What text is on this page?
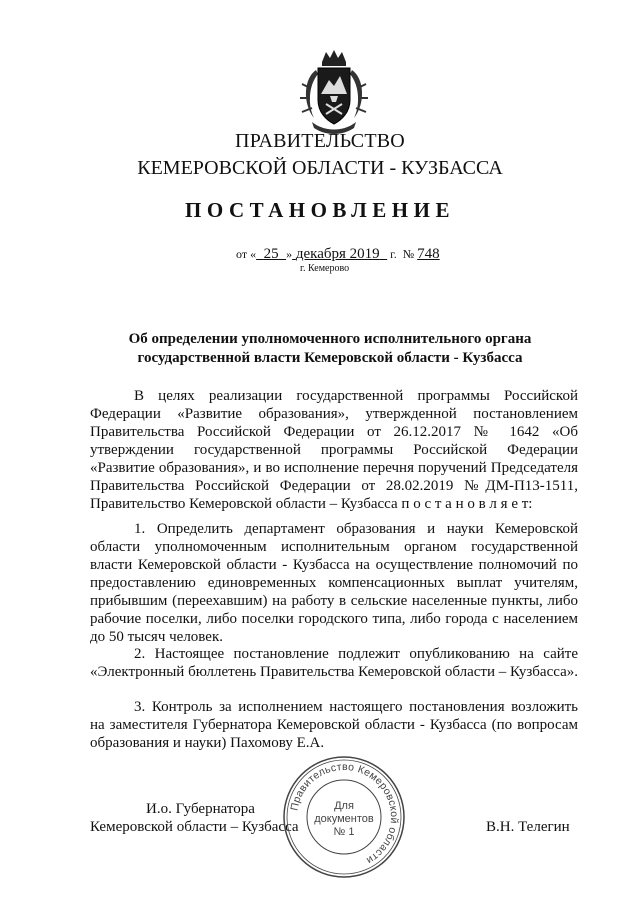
ПРАВИТЕЛЬСТВО
КЕМЕРОВСКОЙ ОБЛАСТИ - КУЗБАССА
ПОСТАНОВЛЕНИЕ
от « 25 » декабря 2019 г. № 748
г. Кемерово
Об определении уполномоченного исполнительного органа
государственной власти Кемеровской области - Кузбасса
В целях реализации государственной программы Российской Федерации «Развитие образования», утвержденной постановлением Правительства Российской Федерации от 26.12.2017 № 1642 «Об утверждении государственной программы Российской Федерации «Развитие образования», и во исполнение перечня поручений Председателя Правительства Российской Федерации от 28.02.2019 №ДМ-П13-1511, Правительство Кемеровской области – Кузбасса п о с т а н о в л я е т:
1. Определить департамент образования и науки Кемеровской области уполномоченным исполнительным органом государственной власти Кемеровской области - Кузбасса на осуществление полномочий по предоставлению единовременных компенсационных выплат учителям, прибывшим (переехавшим) на работу в сельские населенные пункты, либо рабочие поселки, либо поселки городского типа, либо города с населением до 50 тысяч человек.
2. Настоящее постановление подлежит опубликованию на сайте «Электронный бюллетень Правительства Кемеровской области – Кузбасса».
3. Контроль за исполнением настоящего постановления возложить на заместителя Губернатора Кемеровской области - Кузбасса (по вопросам образования и науки) Пахомову Е.А.
И.о. Губернатора
Кемеровской области – Кузбасса	В.Н. Телегин
Правительство Кемеровской области
Для
документов
№ 1
